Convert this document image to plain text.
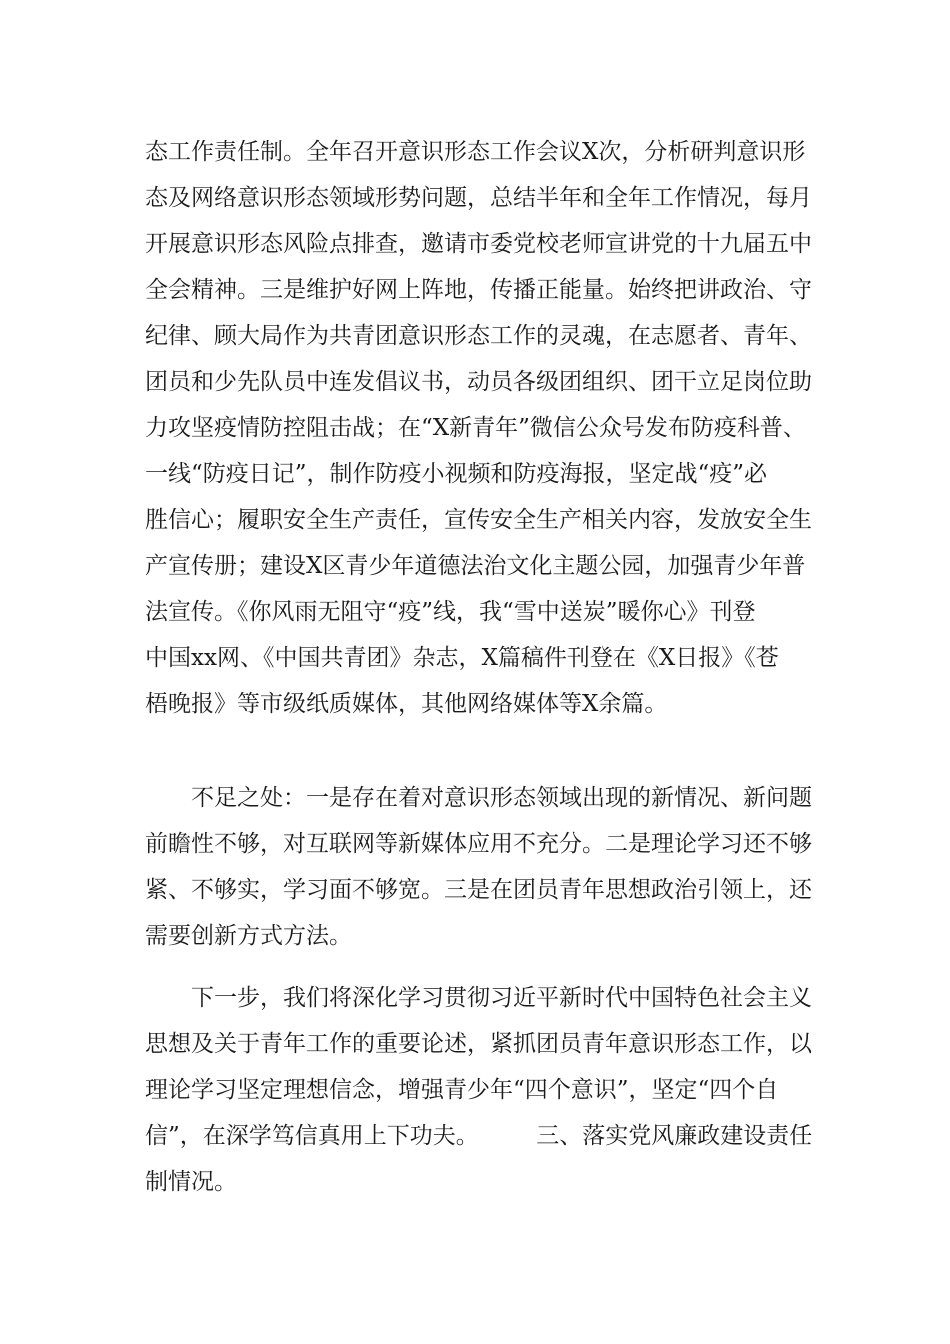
态工作责任制。全年召开意识形态工作会议X次，分析研判意识形
态及网络意识形态领域形势问题，总结半年和全年工作情况，每月
开展意识形态风险点排查，邀请市委党校老师宣讲党的十九届五中
全会精神。三是维护好网上阵地，传播正能量。始终把讲政治、守
纪律、顾大局作为共青团意识形态工作的灵魂，在志愿者、青年、
团员和少先队员中连发倡议书，动员各级团组织、团干立足岗位助
力攻坚疫情防控阻击战；在“X新青年”微信公众号发布防疫科普、
一线“防疫日记”，制作防疫小视频和防疫海报，坚定战“疫”必
胜信心；履职安全生产责任，宣传安全生产相关内容，发放安全生
产宣传册；建设X区青少年道德法治文化主题公园，加强青少年普
法宣传。《你风雨无阻守“疫”线，我“雪中送炭”暖你心》刊登
中国xx网、《中国共青团》杂志，X篇稿件刊登在《X日报》《苍
梧晚报》等市级纸质媒体，其他网络媒体等X余篇。
不足之处：一是存在着对意识形态领域出现的新情况、新问题
前瞻性不够，对互联网等新媒体应用不充分。二是理论学习还不够
紧、不够实，学习面不够宽。三是在团员青年思想政治引领上，还
需要创新方式方法。
下一步，我们将深化学习贯彻习近平新时代中国特色社会主义
思想及关于青年工作的重要论述，紧抓团员青年意识形态工作，以
理论学习坚定理想信念，增强青少年“四个意识”，坚定“四个自
信”，在深学笃信真用上下功夫。　　　三、落实党风廉政建设责任
制情况。
